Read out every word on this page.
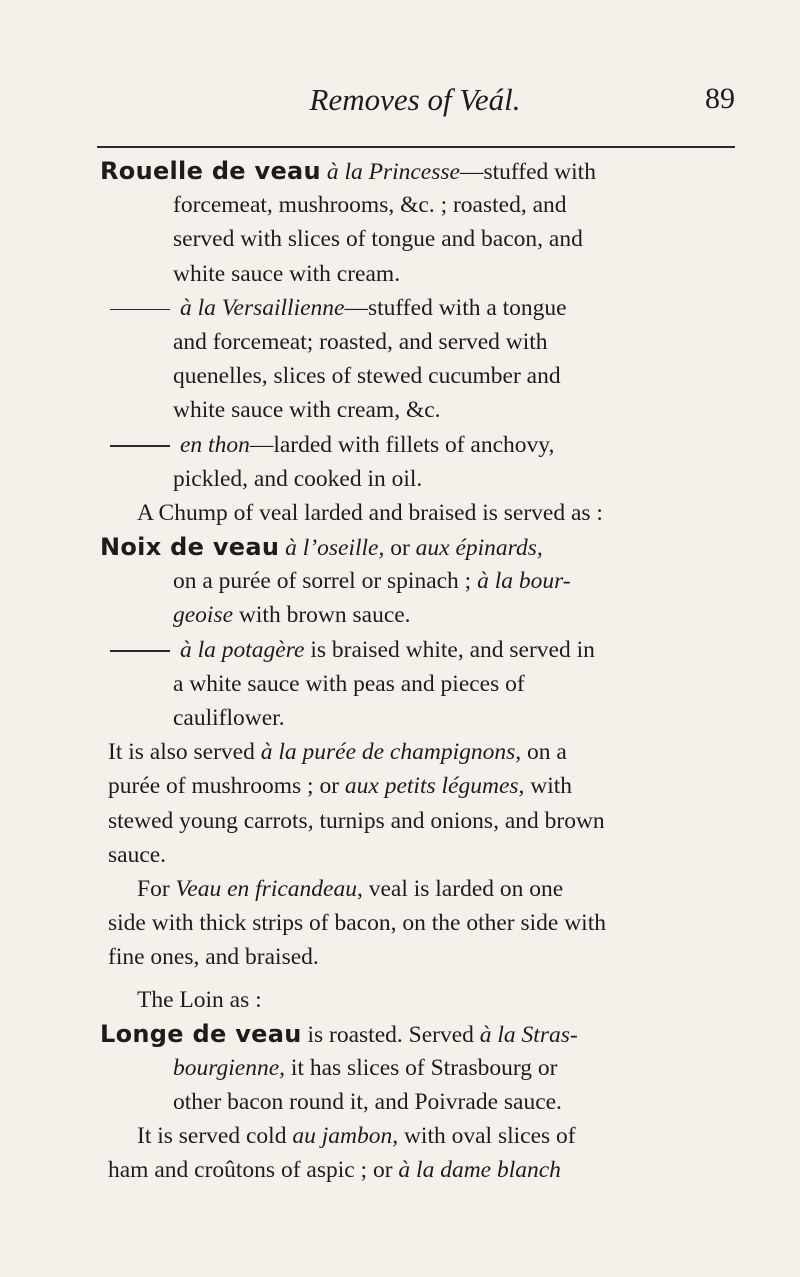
Removes of Veál.	89
Rouelle de veau à la Princesse—stuffed with
forcemeat, mushrooms, &c. ; roasted, and
served with slices of tongue and bacon, and
white sauce with cream.
à la Versaillienne—stuffed with a tongue
and forcemeat; roasted, and served with
quenelles, slices of stewed cucumber and
white sauce with cream, &c.
en thon—larded with fillets of anchovy,
pickled, and cooked in oil.
A Chump of veal larded and braised is served as :
Noix de veau à l’oseille, or aux épinards,
on a purée of sorrel or spinach ; à la bour-
geoise with brown sauce.
à la potagère is braised white, and served in
a white sauce with peas and pieces of
cauliflower.
It is also served à la purée de champignons, on a
purée of mushrooms ; or aux petits légumes, with
stewed young carrots, turnips and onions, and brown
sauce.
For Veau en fricandeau, veal is larded on one
side with thick strips of bacon, on the other side with
fine ones, and braised.
The Loin as :
Longe de veau is roasted. Served à la Stras-
bourgienne, it has slices of Strasbourg or
other bacon round it, and Poivrade sauce.
It is served cold au jambon, with oval slices of
ham and croûtons of aspic ; or à la dame blanch
